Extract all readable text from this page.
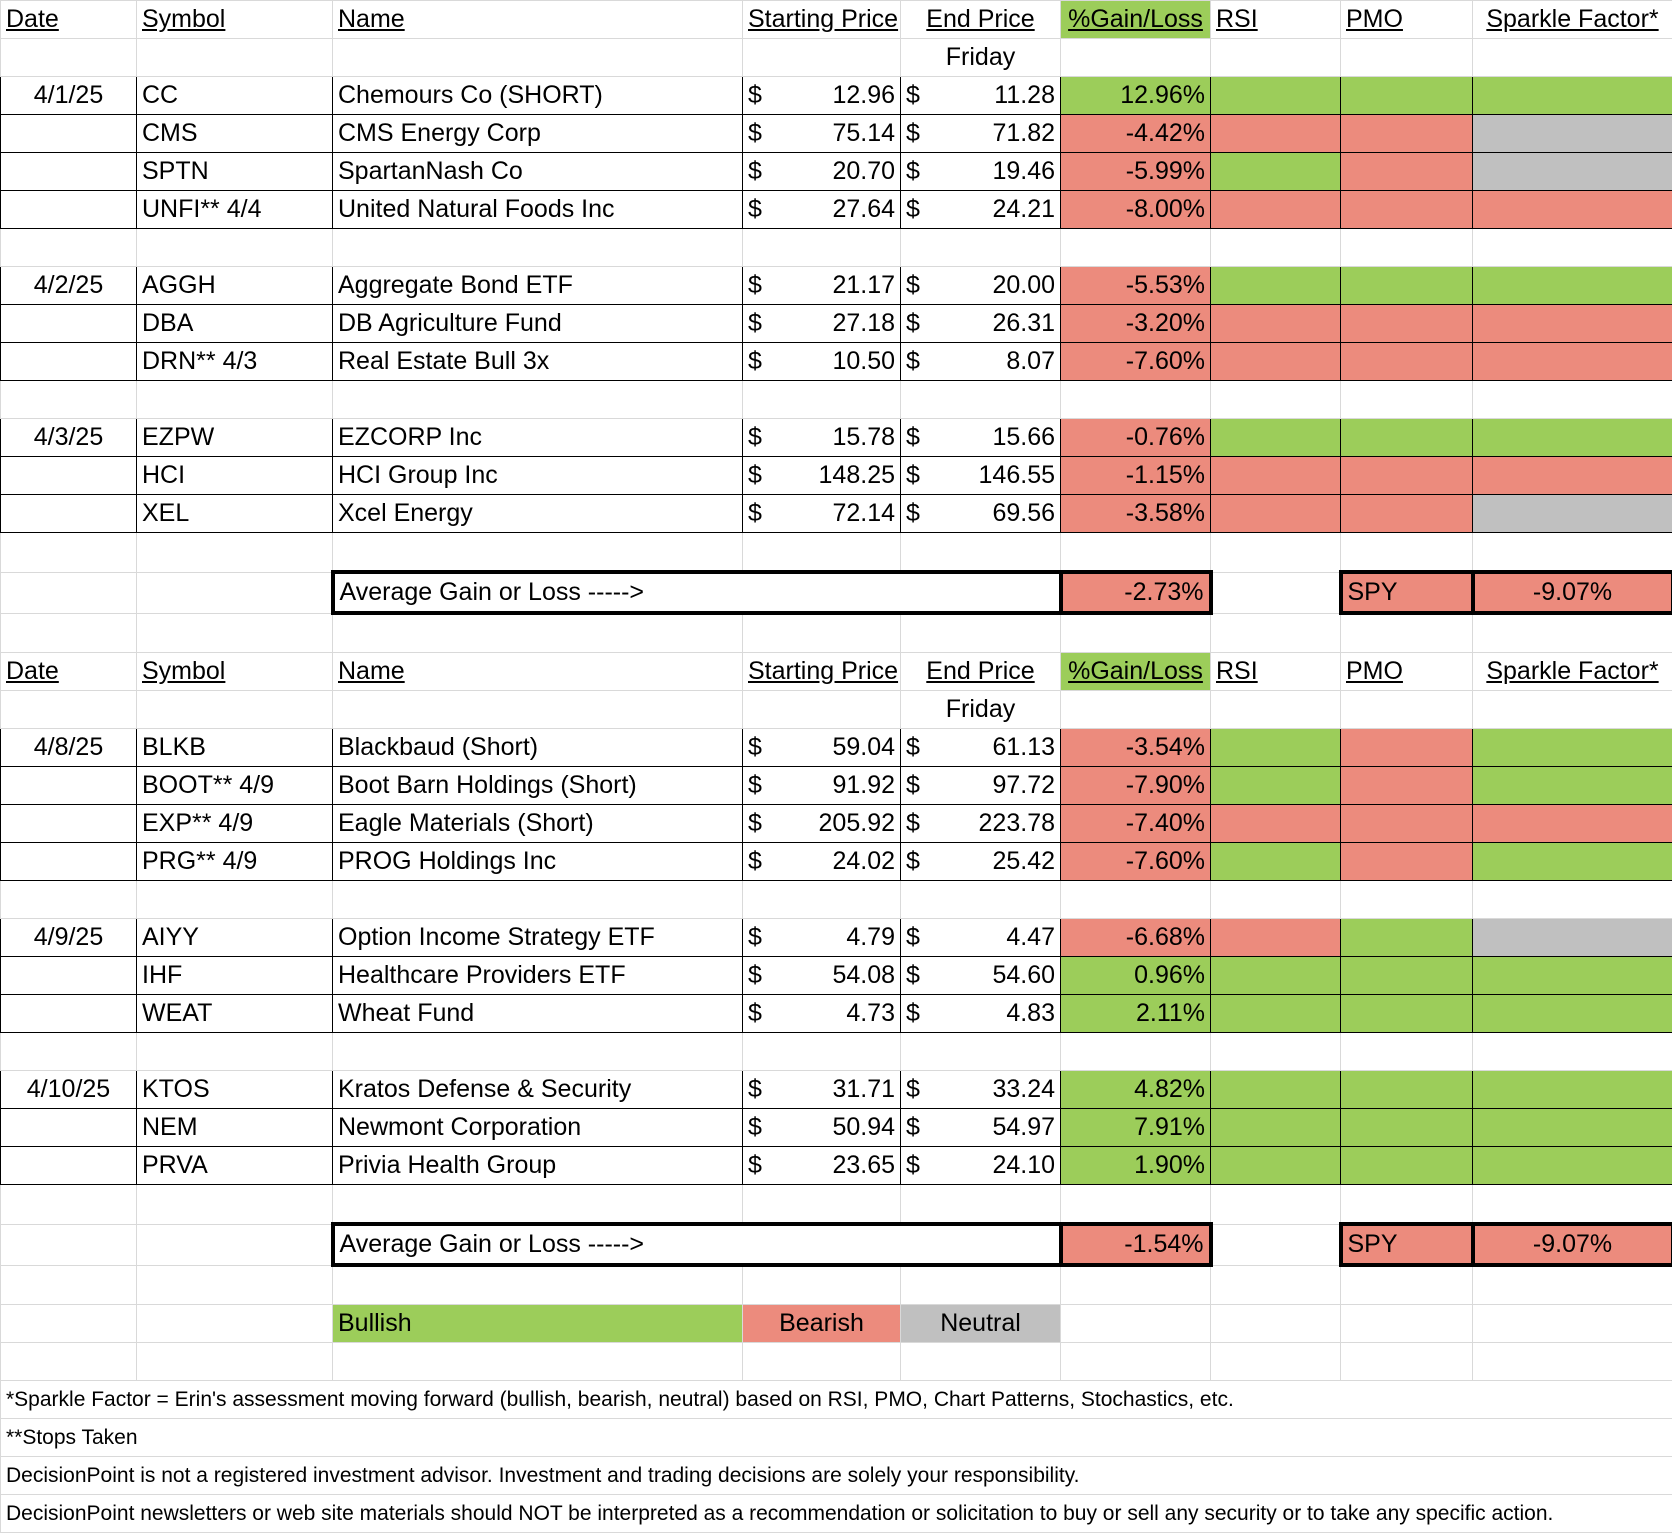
Date	Symbol	Name	Starting Price	End Price	%Gain/Loss	RSI	PMO	Sparkle Factor*
				Friday				
4/1/25	CC	Chemours Co (SHORT)	$ 12.96	$ 11.28	12.96%			
	CMS	CMS Energy Corp	$ 75.14	$ 71.82	-4.42%			
	SPTN	SpartanNash Co	$ 20.70	$ 19.46	-5.99%			
	UNFI** 4/4	United Natural Foods Inc	$ 27.64	$ 24.21	-8.00%			

4/2/25	AGGH	Aggregate Bond ETF	$ 21.17	$ 20.00	-5.53%			
	DBA	DB Agriculture Fund	$ 27.18	$ 26.31	-3.20%			
	DRN** 4/3	Real Estate Bull 3x	$ 10.50	$ 8.07	-7.60%			

4/3/25	EZPW	EZCORP Inc	$ 15.78	$ 15.66	-0.76%			
	HCI	HCI Group Inc	$ 148.25	$ 146.55	-1.15%			
	XEL	Xcel Energy	$ 72.14	$ 69.56	-3.58%			

		Average Gain or Loss ----->			-2.73%		SPY	-9.07%

Date	Symbol	Name	Starting Price	End Price	%Gain/Loss	RSI	PMO	Sparkle Factor*
				Friday				
4/8/25	BLKB	Blackbaud (Short)	$ 59.04	$ 61.13	-3.54%			
	BOOT** 4/9	Boot Barn Holdings (Short)	$ 91.92	$ 97.72	-7.90%			
	EXP** 4/9	Eagle Materials (Short)	$ 205.92	$ 223.78	-7.40%			
	PRG** 4/9	PROG Holdings Inc	$ 24.02	$ 25.42	-7.60%			

4/9/25	AIYY	Option Income Strategy ETF	$ 4.79	$ 4.47	-6.68%			
	IHF	Healthcare Providers ETF	$ 54.08	$ 54.60	0.96%			
	WEAT	Wheat Fund	$ 4.73	$ 4.83	2.11%			

4/10/25	KTOS	Kratos Defense & Security	$ 31.71	$ 33.24	4.82%			
	NEM	Newmont Corporation	$ 50.94	$ 54.97	7.91%			
	PRVA	Privia Health Group	$ 23.65	$ 24.10	1.90%			

		Average Gain or Loss ----->			-1.54%		SPY	-9.07%

		Bullish	Bearish	Neutral				

*Sparkle Factor = Erin's assessment moving forward (bullish, bearish, neutral) based on RSI, PMO, Chart Patterns, Stochastics, etc.								
**Stops Taken								
DecisionPoint is not a registered investment advisor. Investment and trading decisions are solely your responsibility.								
DecisionPoint newsletters or web site materials should NOT be interpreted as a recommendation or solicitation to buy or sell any security or to take any specific action.								
